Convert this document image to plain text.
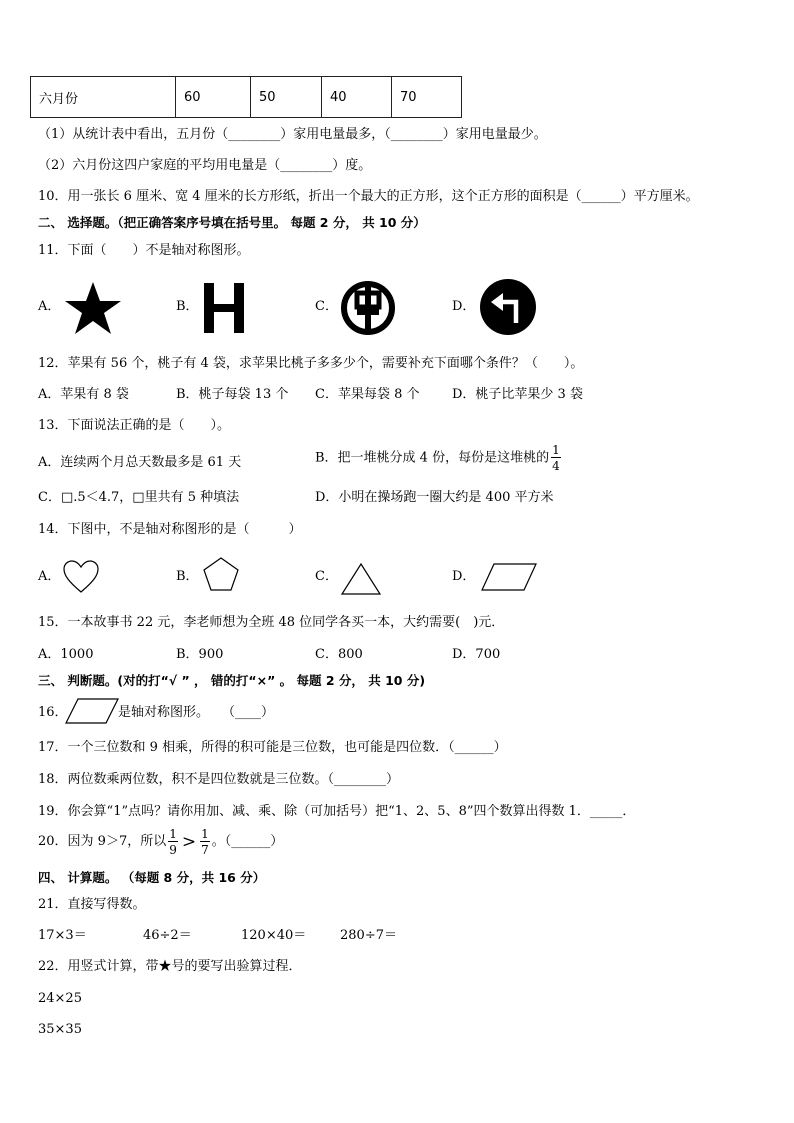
六月份	60	50	40	70
（1）从统计表中看出，五月份（________）家用电量最多，（________）家用电量最少。
（2）六月份这四户家庭的平均用电量是（________）度。
10．用一张长 6 厘米、宽 4 厘米的长方形纸，折出一个最大的正方形，这个正方形的面积是（______）平方厘米。
二、 选择题。（把正确答案序号填在括号里。 每题 2 分， 共 10 分）
11．下面（　　）不是轴对称图形。
A．	B．	C．	D．
12．苹果有 56 个，桃子有 4 袋，求苹果比桃子多多少个，需要补充下面哪个条件？（　　）。
A．苹果有 8 袋	B．桃子每袋 13 个 C．苹果每袋 8 个	D．桃子比苹果少 3 袋
13．下面说法正确的是（　　）。
A．连续两个月总天数最多是 61 天	B．把一堆桃分成 4 份，每份是这堆桃的 $\frac{1}{4}$
C．□.5＜4.7，□里共有 5 种填法	D．小明在操场跑一圈大约是 400 平方米
14．下图中，不是轴对称图形的是（　　　）
A．	B．	C．	D．
15．一本故事书 22 元，李老师想为全班 48 位同学各买一本，大约需要(　)元．
A．1000	B．900	C．800	D．700
三、 判断题。(对的打“√ ” ， 错的打“×” 。 每题 2 分， 共 10 分)
16．	是轴对称图形。　　（____）
17．一个三位数和 9 相乘，所得的积可能是三位数，也可能是四位数．（______）
18．两位数乘两位数，积不是四位数就是三位数。（________）
19．你会算“1”点吗？请你用加、减、乘、除（可加括号）把“1、2、5、8”四个数算出得数 1．_____．
20．因为 9＞7，所以 $\frac{1}{9} > \frac{1}{7}$ 。（______）
四、 计算题。 （每题 8 分，共 16 分）
21．直接写得数。
17×3＝	46÷2＝	120×40＝	280÷7＝
22．用竖式计算，带★号的要写出验算过程．
24×25
35×35
